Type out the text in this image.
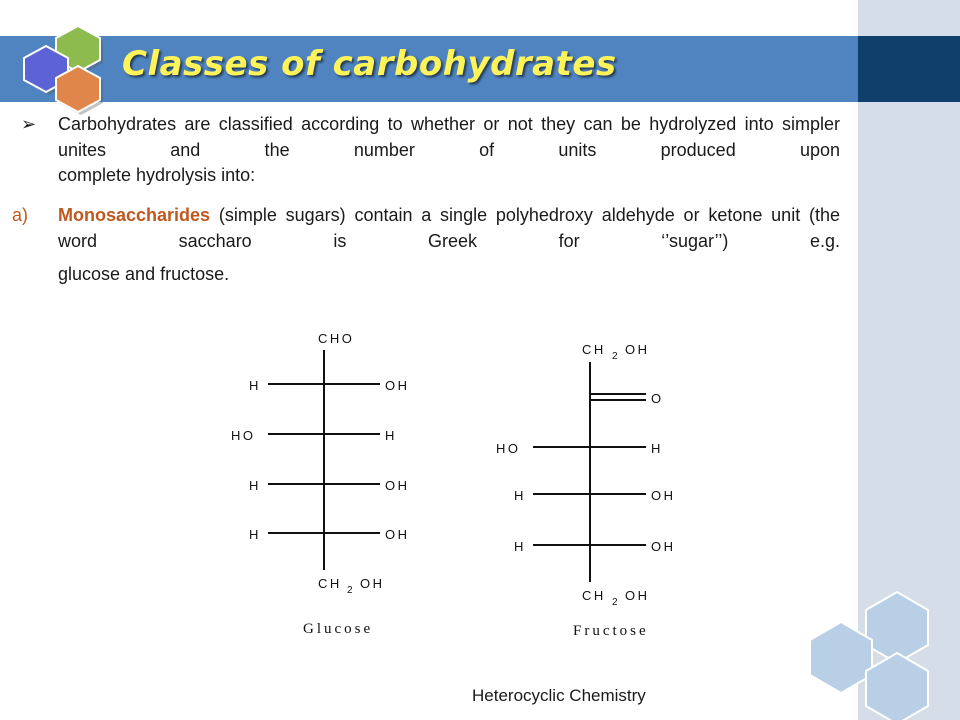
Classes of carbohydrates
➢ Carbohydrates are classified according to whether or not they can be hydrolyzed into simpler unites and the number of units produced upon
complete hydrolysis into:
a) Monosaccharides (simple sugars) contain a single polyhedroxy aldehyde or ketone unit (the word saccharo is Greek for ‘’sugar’’) e.g.
glucose and fructose.
CHO
H	OH
HO	H
H	OH
H	OH
CH 2 OH
Glucose
CH 2 OH
O
HO	H
H	OH
H	OH
CH 2 OH
Fructose
Heterocyclic Chemistry
